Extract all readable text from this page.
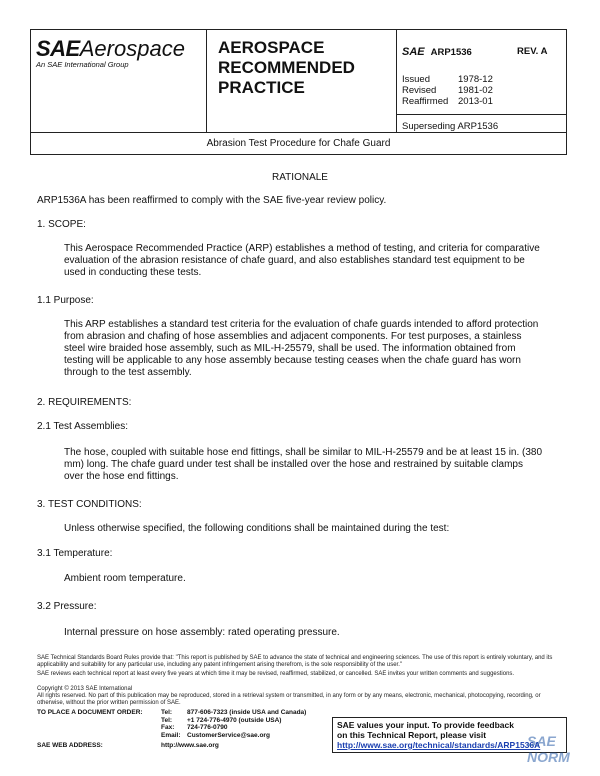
SAEAerospace
An SAE International Group
AEROSPACE
RECOMMENDED
PRACTICE
SAE ARP1536	REV. A
Issued	1978-12
Revised 1981-02
Reaffirmed 2013-01
Superseding ARP1536
Abrasion Test Procedure for Chafe Guard
RATIONALE
ARP1536A has been reaffirmed to comply with the SAE five-year review policy.
1. SCOPE:
This Aerospace Recommended Practice (ARP) establishes a method of testing, and criteria for comparative evaluation of the abrasion resistance of chafe guard, and also establishes standard test equipment to be used in conducting these tests.
1.1 Purpose:
This ARP establishes a standard test criteria for the evaluation of chafe guards intended to afford protection from abrasion and chafing of hose assemblies and adjacent components. For test purposes, a stainless steel wire braided hose assembly, such as MIL-H-25579, shall be used. The information obtained from testing will be applicable to any hose assembly because testing ceases when the chafe guard has worn through to the test assembly.
2. REQUIREMENTS:
2.1 Test Assemblies:
The hose, coupled with suitable hose end fittings, shall be similar to MIL-H-25579 and be at least 15 in. (380 mm) long. The chafe guard under test shall be installed over the hose and restrained by suitable clamps over the hose end fittings.
3. TEST CONDITIONS:
Unless otherwise specified, the following conditions shall be maintained during the test:
3.1 Temperature:
Ambient room temperature.
3.2 Pressure:
Internal pressure on hose assembly: rated operating pressure.
SAE Technical Standards Board Rules provide that: "This report is published by SAE to advance the state of technical and engineering sciences. The use of this report is entirely voluntary, and its applicability and suitability for any particular use, including any patent infringement arising therefrom, is the sole responsibility of the user."
SAE reviews each technical report at least every five years at which time it may be revised, reaffirmed, stabilized, or cancelled. SAE invites your written comments and suggestions.
Copyright © 2013 SAE International
All rights reserved. No part of this publication may be reproduced, stored in a retrieval system or transmitted, in any form or by any means, electronic, mechanical, photocopying, recording, or otherwise, without the prior written permission of SAE.
TO PLACE A DOCUMENT ORDER:	Tel:	877-606-7323 (inside USA and Canada)
	Tel:	+1 724-776-4970 (outside USA)
	Fax:	724-776-0790
	Email:	CustomerService@sae.org
SAE WEB ADDRESS:	http://www.sae.org	
SAE values your input. To provide feedback
on this Technical Report, please visit
http://www.sae.org/technical/standards/ARP1536A
SAE NORM
